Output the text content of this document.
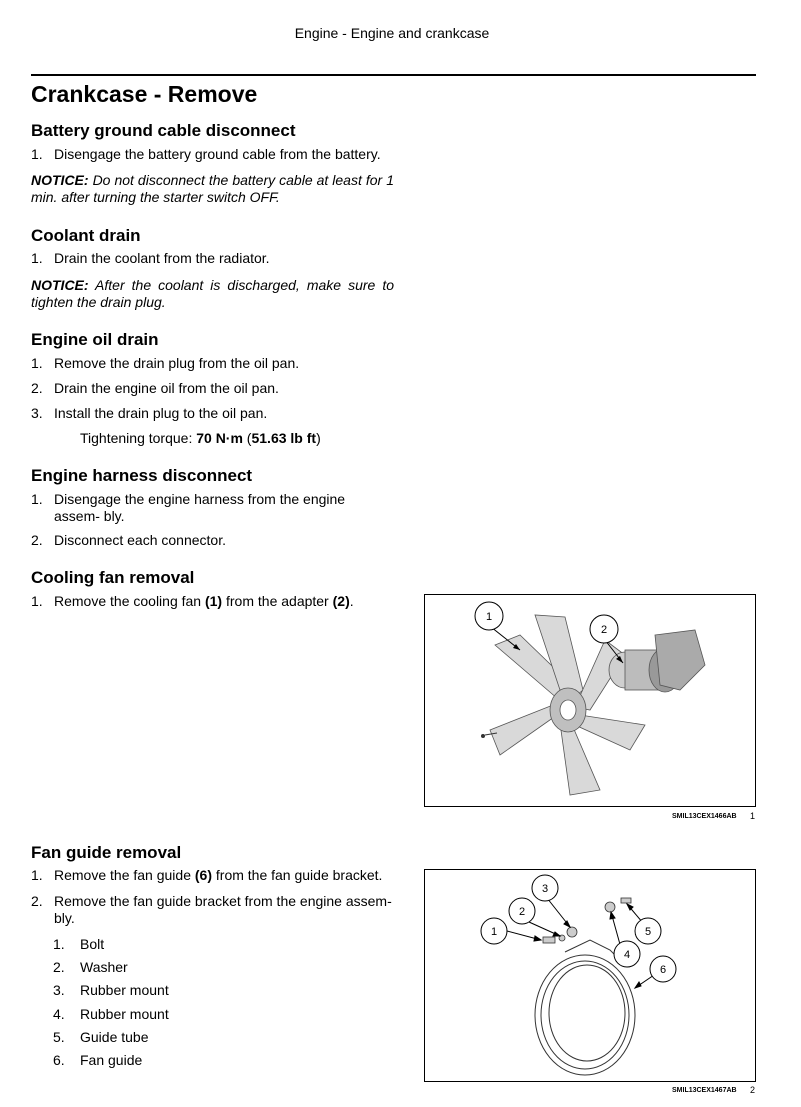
Engine - Engine and crankcase
Crankcase - Remove
Battery ground cable disconnect
1. Disengage the battery ground cable from the battery.
NOTICE: Do not disconnect the battery cable at least for 1 min. after turning the starter switch OFF.
Coolant drain
1. Drain the coolant from the radiator.
NOTICE: After the coolant is discharged, make sure to tighten the drain plug.
Engine oil drain
1. Remove the drain plug from the oil pan.
2. Drain the engine oil from the oil pan.
3. Install the drain plug to the oil pan.
Tightening torque: 70 N·m (51.63 lb ft)
Engine harness disconnect
1. Disengage the engine harness from the engine assem- bly.
2. Disconnect each connector.
Cooling fan removal
1. Remove the cooling fan (1) from the adapter (2).
1
2
SMIL13CEX1466AB 1
Fan guide removal
1. Remove the fan guide (6) from the fan guide bracket.
2. Remove the fan guide bracket from the engine assem- bly.
1. Bolt
2. Washer
3. Rubber mount
4. Rubber mount
5. Guide tube
6. Fan guide
1
2
3
4
5
6
SMIL13CEX1467AB 2
